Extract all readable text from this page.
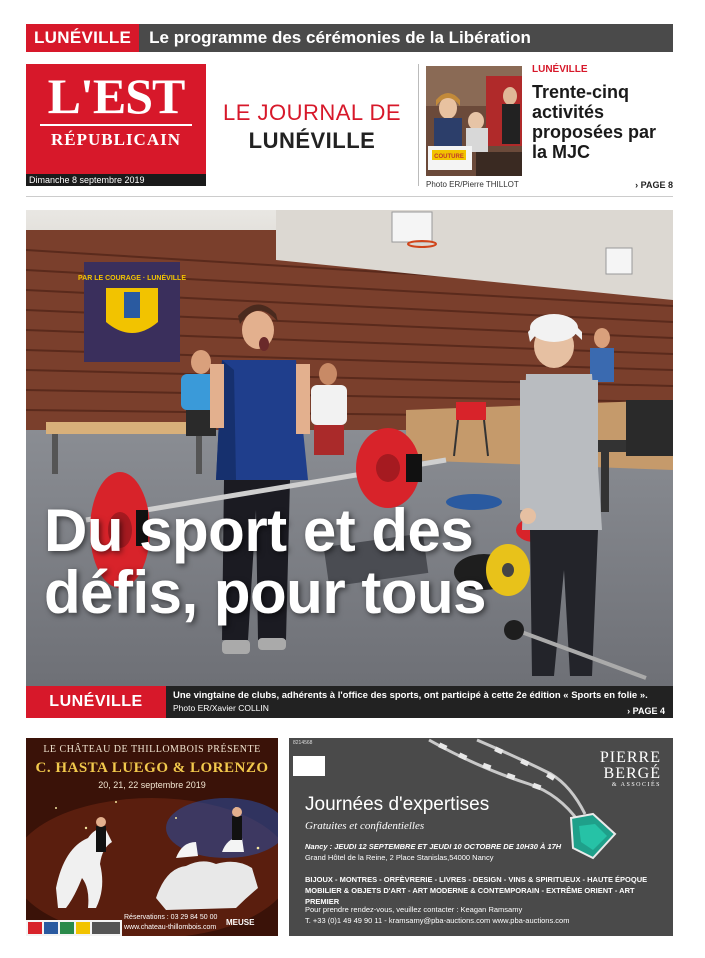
LUNÉVILLE	Le programme des cérémonies de la Libération
L'EST
RÉPUBLICAIN
Dimanche 8 septembre 2019
LE JOURNAL DE
LUNÉVILLE
COUTURE
Photo ER/Pierre THILLOT
LUNÉVILLE
Trente-cinq activités proposées par la MJC
› PAGE 8
PAR LE COURAGE · LUNÉVILLE
Du sport et des défis, pour tous
LUNÉVILLE	Une vingtaine de clubs, adhérents à l'office des sports, ont participé à cette 2e édition « Sports en folie ». Photo ER/Xavier COLLIN	› PAGE 4
LE CHÂTEAU DE THILLOMBOIS PRÉSENTE
C. HASTA LUEGO & LORENZO
20, 21, 22 septembre 2019
Réservations : 03 29 84 50 00
www.chateau-thillombois.com
MEUSE
8214568
PIERRE
BERGÉ
& ASSOCIÉS
Journées d'expertises
Gratuites et confidentielles
Nancy : JEUDI 12 SEPTEMBRE ET JEUDI 10 OCTOBRE DE 10H30 À 17H
Grand Hôtel de la Reine, 2 Place Stanislas,54000 Nancy
BIJOUX - MONTRES - ORFÈVRERIE - LIVRES - DESIGN - VINS & SPIRITUEUX - HAUTE ÉPOQUE MOBILIER & OBJETS D'ART - ART MODERNE & CONTEMPORAIN - EXTRÊME ORIENT - ART PREMIER
Pour prendre rendez-vous, veuillez contacter : Keagan Ramsamy
T. +33 (0)1 49 49 90 11 - kramsamy@pba-auctions.com www.pba-auctions.com
